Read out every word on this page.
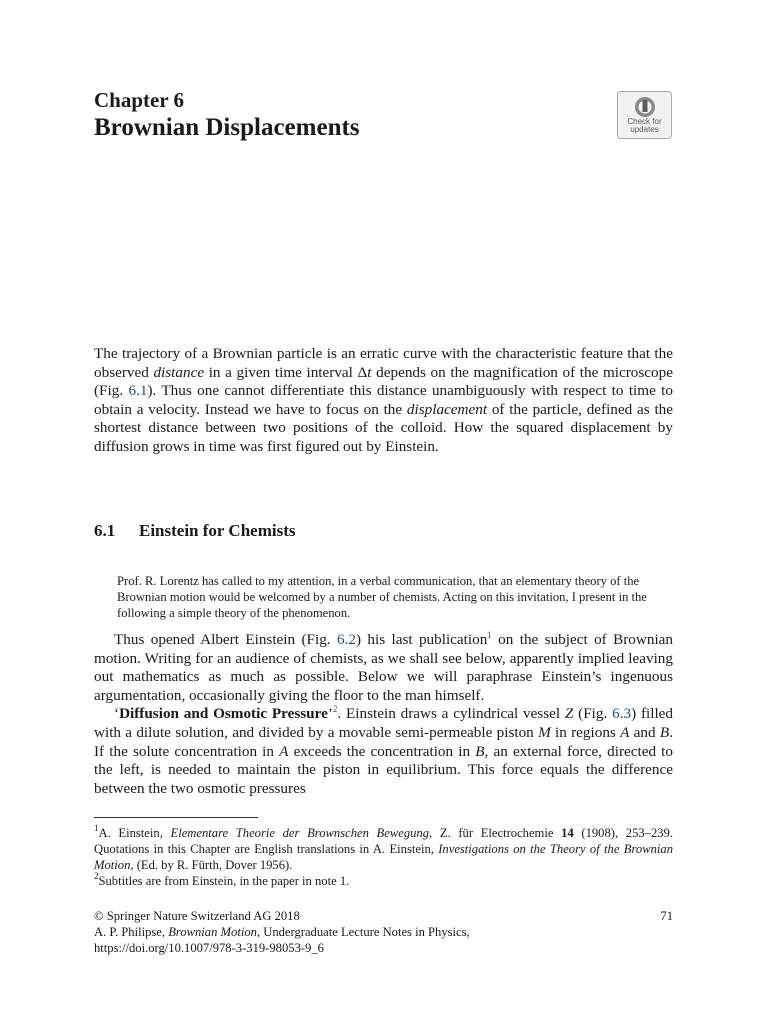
Chapter 6
Brownian Displacements	Check for
updates

The trajectory of a Brownian particle is an erratic curve with the characteristic feature that the observed distance in a given time interval Δt depends on the magnification of the microscope (Fig. 6.1). Thus one cannot differentiate this distance unambiguously with respect to time to obtain a velocity. Instead we have to focus on the displacement of the particle, defined as the shortest distance between two positions of the colloid. How the squared displacement by diffusion grows in time was first figured out by Einstein.

6.1 Einstein for Chemists
Prof. R. Lorentz has called to my attention, in a verbal communication, that an elementary theory of the Brownian motion would be welcomed by a number of chemists. Acting on this invitation, I present in the following a simple theory of the phenomenon.

Thus opened Albert Einstein (Fig. 6.2) his last publication$^1$ on the subject of Brownian motion. Writing for an audience of chemists, as we shall see below, apparently implied leaving out mathematics as much as possible. Below we will paraphrase Einstein’s ingenuous argumentation, occasionally giving the floor to the man himself.

‘Diffusion and Osmotic Pressure’$^2$. Einstein draws a cylindrical vessel Z (Fig. 6.3) filled with a dilute solution, and divided by a movable semi-permeable piston M in regions A and B. If the solute concentration in A exceeds the concentration in B, an external force, directed to the left, is needed to maintain the piston in equilibrium. This force equals the difference between the two osmotic pressures

$^1$A. Einstein, Elementare Theorie der Brownschen Bewegung, Z. für Electrochemie 14 (1908), 253–239. Quotations in this Chapter are English translations in A. Einstein, Investigations on the Theory of the Brownian Motion, (Ed. by R. Fürth, Dover 1956).

$^2$Subtitles are from Einstein, in the paper in note 1.

© Springer Nature Switzerland AG 2018	71
A. P. Philipse, Brownian Motion, Undergraduate Lecture Notes in Physics,
https://doi.org/10.1007/978-3-319-98053-9_6
